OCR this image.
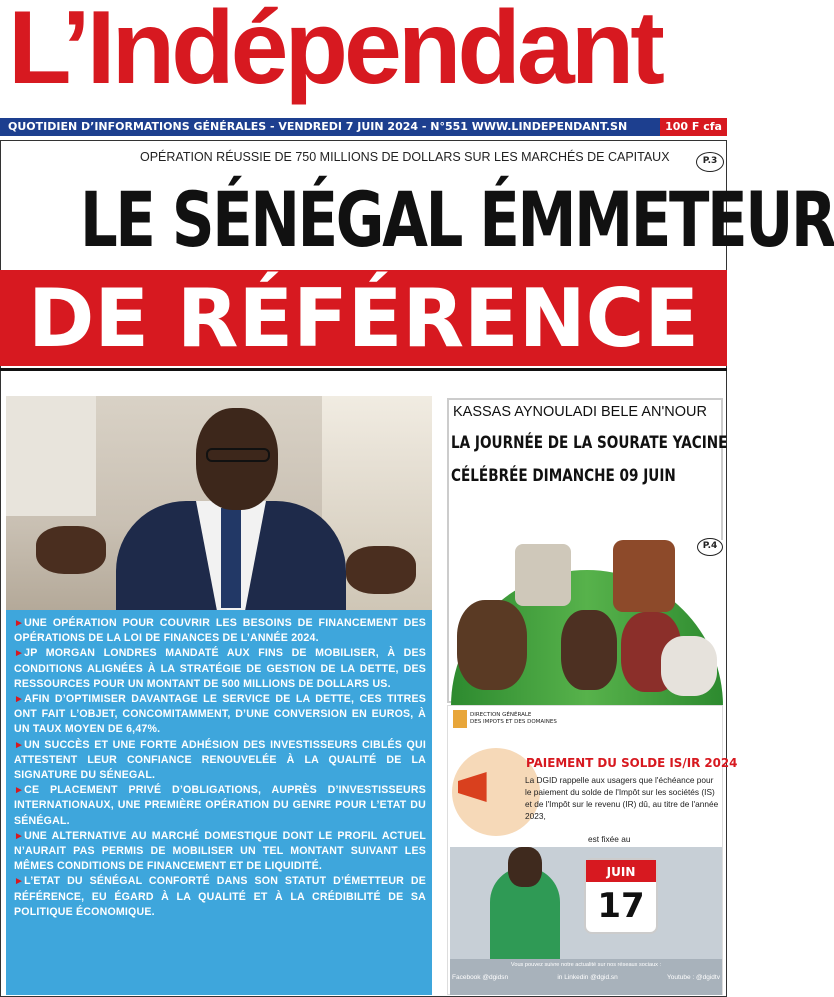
L’Indépendant
QUOTIDIEN D’INFORMATIONS GÉNÉRALES - VENDREDI 7 JUIN 2024 - N°551 WWW.LINDEPENDANT.SN	100 F cfa
OPÉRATION RÉUSSIE DE 750 MILLIONS DE DOLLARS SUR LES MARCHÉS DE CAPITAUX	P.3
LE SÉNÉGAL ÉMMETEUR
DE RÉFÉRENCE

►UNE OPÉRATION POUR COUVRIR LES BESOINS DE FINANCEMENT DES OPÉRATIONS DE LA LOI DE FINANCES DE L’ANNÉE 2024.

►JP MORGAN LONDRES MANDATÉ AUX FINS DE MOBILISER, À DES CONDITIONS ALIGNÉES À LA STRATÉGIE DE GESTION DE LA DETTE, DES RESSOURCES POUR UN MONTANT DE 500 MILLIONS DE DOLLARS US.

►AFIN D’OPTIMISER DAVANTAGE LE SERVICE DE LA DETTE, CES TITRES ONT FAIT L’OBJET, CONCOMITAMMENT, D’UNE CONVERSION EN EUROS, À UN TAUX MOYEN DE 6,47%.

►UN SUCCÈS ET UNE FORTE ADHÉSION DES INVESTISSEURS CIBLÉS QUI ATTESTENT LEUR CONFIANCE RENOUVELÉE À LA QUALITÉ DE LA SIGNATURE DU SÉNEGAL.

►CE PLACEMENT PRIVÉ D’OBLIGATIONS, AUPRÈS D’INVESTISSEURS INTERNATIONAUX, UNE PREMIÈRE OPÉRATION DU GENRE POUR L’ETAT DU SÉNÉGAL.

►UNE ALTERNATIVE AU MARCHÉ DOMESTIQUE DONT LE PROFIL ACTUEL N’AURAIT PAS PERMIS DE MOBILISER UN TEL MONTANT SUIVANT LES MÊMES CONDITIONS DE FINANCEMENT ET DE LIQUIDITÉ.

►L’ETAT DU SÉNÉGAL CONFORTÉ DANS SON STATUT D’ÉMETTEUR DE RÉFÉRENCE, EU ÉGARD À LA QUALITÉ ET À LA CRÉDIBILITÉ DE SA POLITIQUE ÉCONOMIQUE.

KASSAS AYNOULADI BELE AN'NOUR
LA JOURNÉE DE LA SOURATE YACINE
CÉLÉBRÉE DIMANCHE 09 JUIN
P.4
DIRECTION GÉNÉRALE
DES IMPOTS ET DES DOMAINES
PAIEMENT DU SOLDE IS/IR 2024
La DGID rappelle aux usagers que l'échéance pour le paiement du solde de l'Impôt sur les sociétés (IS) et de l'Impôt sur le revenu (IR) dû, au titre de l'année 2023,
est fixée au
JUIN
17
Vous pouvez suivre notre actualité sur nos réseaux sociaux :
Facebook @dgidsn	in Linkedin @dgid.sn	Youtube : @dgidtv
